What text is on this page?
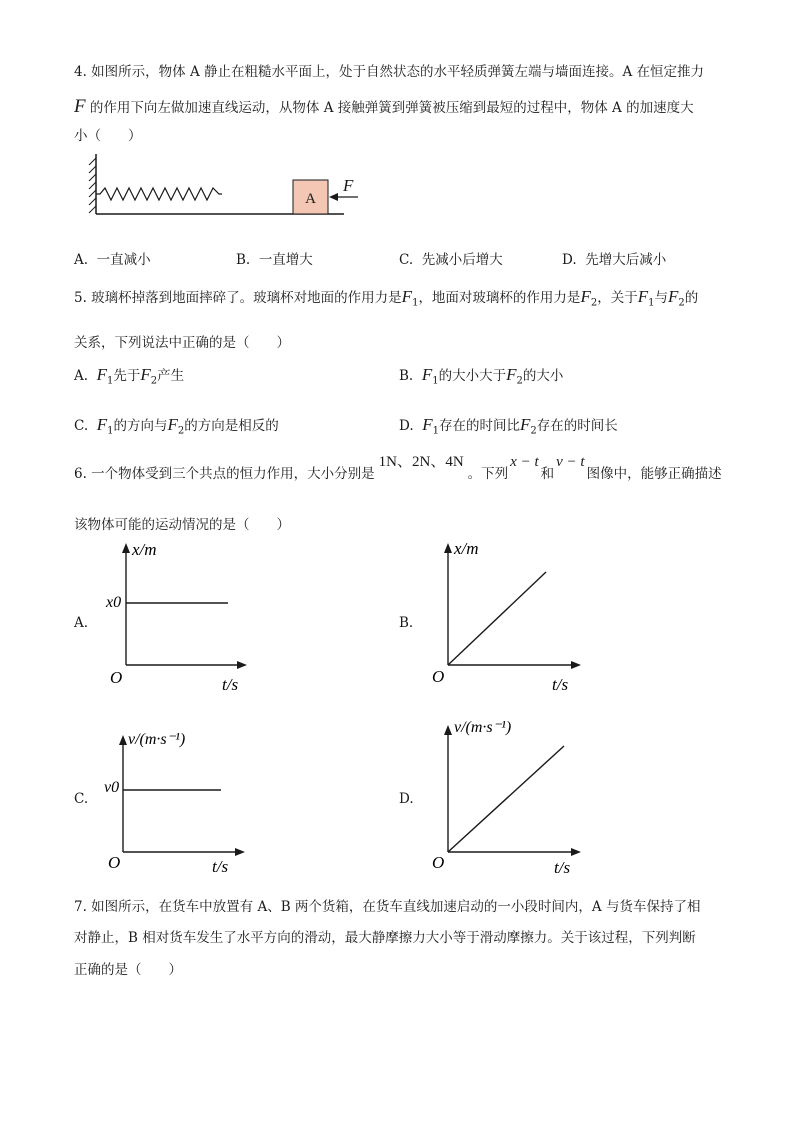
4. 如图所示，物体 A 静止在粗糙水平面上，处于自然状态的水平轻质弹簧左端与墙面连接。A 在恒定推力
F 的作用下向左做加速直线运动，从物体 A 接触弹簧到弹簧被压缩到最短的过程中，物体 A 的加速度大
小（　　）
A
F
A. 一直减小	B. 一直增大	C. 先减小后增大	D. 先增大后减小
5. 玻璃杯掉落到地面摔碎了。玻璃杯对地面的作用力是$F_1$，地面对玻璃杯的作用力是$F_2$，关于$F_1$与$F_2$的
关系，下列说法中正确的是（　　）
A. $F_1$先于$F_2$产生	B. $F_1$的大小大于$F_2$的大小
C. $F_1$的方向与$F_2$的方向是相反的	D. $F_1$存在的时间比$F_2$存在的时间长
6. 一个物体受到三个共点的恒力作用，大小分别是1N、2N、4N。下列x − t和v − t图像中，能够正确描述
该物体可能的运动情况的是（　　）
A.
x/m
t/s
O
x0
B.
x/m
t/s
O
C.
v/(m·s⁻¹)
t/s
O
v0
D.
v/(m·s⁻¹)
t/s
O
7. 如图所示，在货车中放置有 A、B 两个货箱，在货车直线加速启动的一小段时间内，A 与货车保持了相
对静止，B 相对货车发生了水平方向的滑动，最大静摩擦力大小等于滑动摩擦力。关于该过程，下列判断
正确的是（　　）
